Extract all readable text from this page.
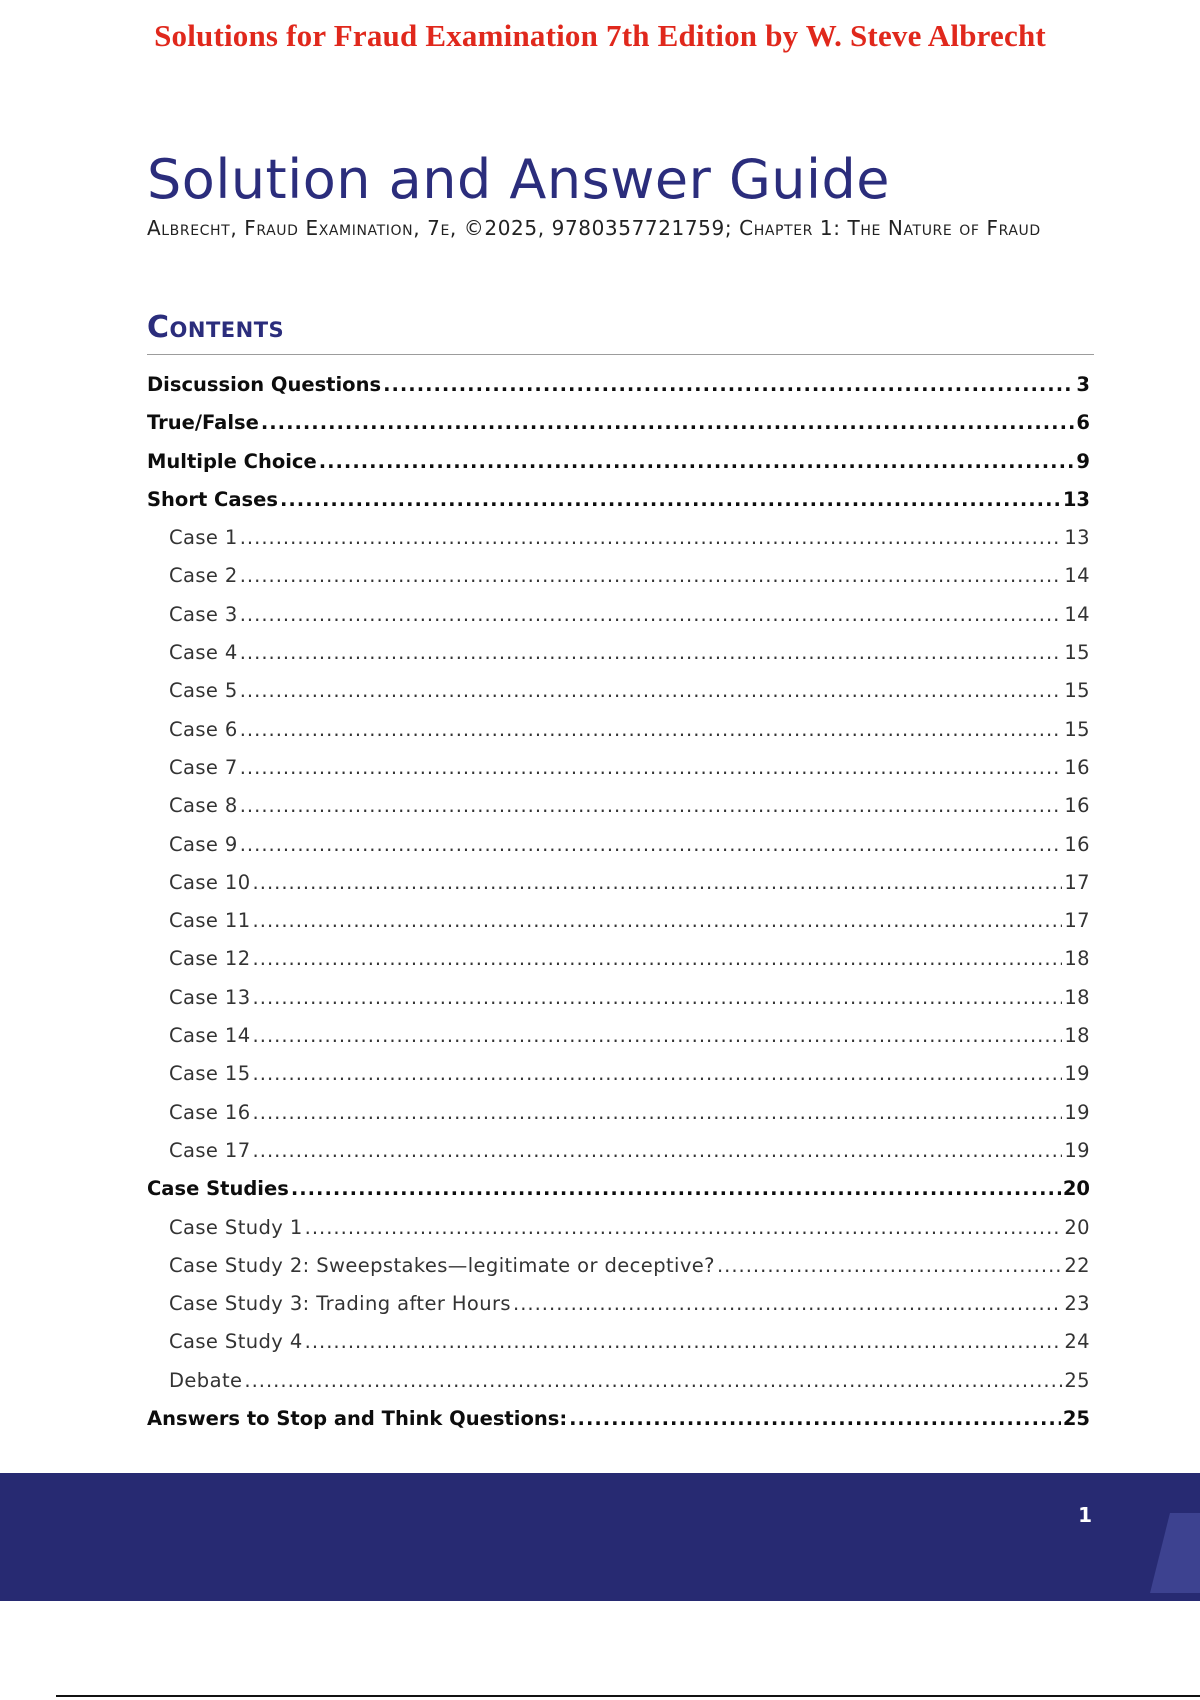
Solutions for Fraud Examination 7th Edition by W. Steve Albrecht
Solution and Answer Guide
Albrecht, Fraud Examination, 7e, ©2025, 9780357721759; Chapter 1: The Nature of Fraud
Contents
Discussion Questions .....	3
True/False .....	6
Multiple Choice .....	9
Short Cases .....	13
Case 1 .....	13
Case 2 .....	14
Case 3 .....	14
Case 4 .....	15
Case 5 .....	15
Case 6 .....	15
Case 7 .....	16
Case 8 .....	16
Case 9 .....	16
Case 10 .....	17
Case 11 .....	17
Case 12 .....	18
Case 13 .....	18
Case 14 .....	18
Case 15 .....	19
Case 16 .....	19
Case 17 .....	19
Case Studies .....	20
Case Study 1 .....	20
Case Study 2: Sweepstakes—legitimate or deceptive? .....	22
Case Study 3: Trading after Hours .....	23
Case Study 4 .....	24
Debate .....	25
Answers to Stop and Think Questions: .....	25
1
